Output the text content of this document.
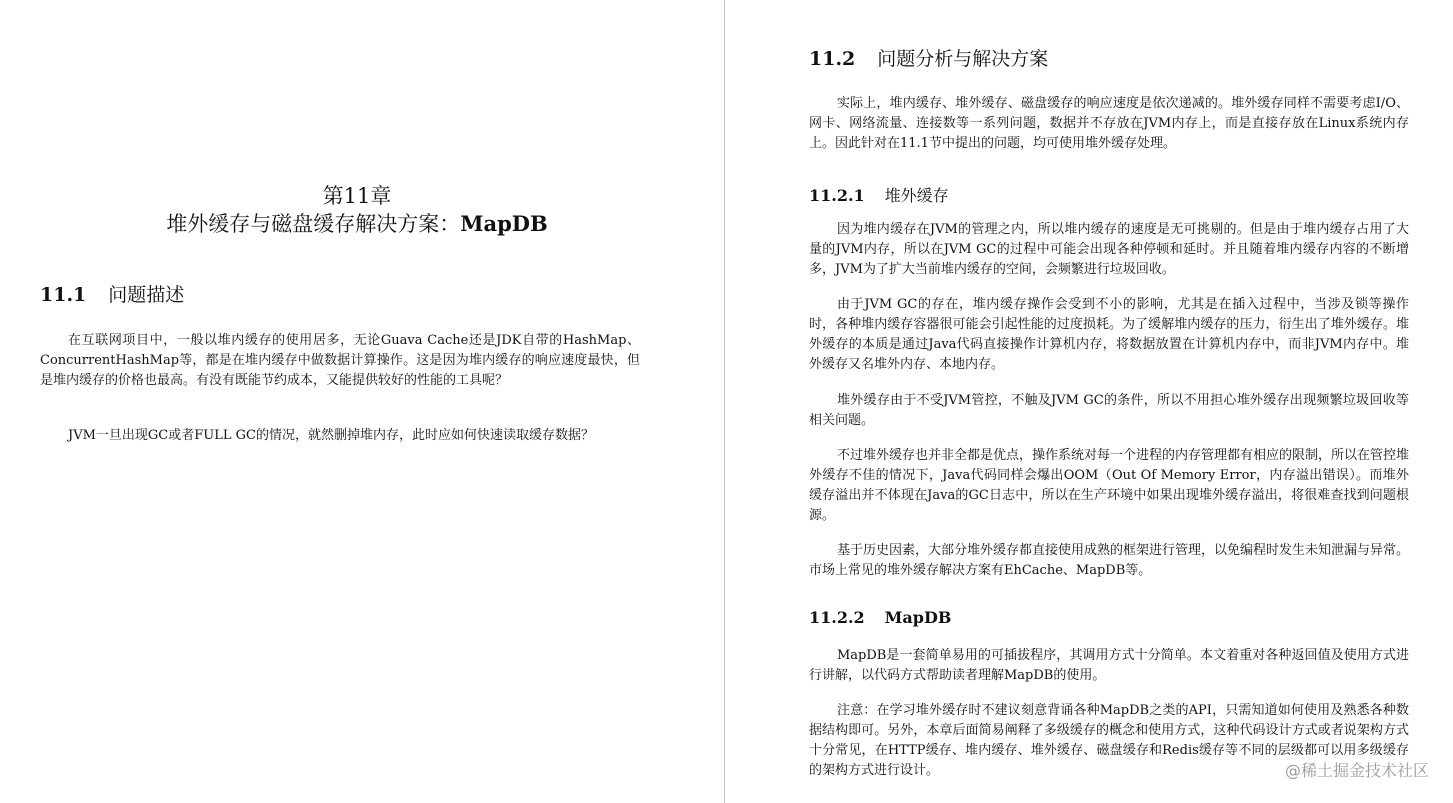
第11章
堆外缓存与磁盘缓存解决方案：MapDB
11.1 问题描述

在互联网项目中，一般以堆内缓存的使用居多，无论Guava Cache还是JDK自带的HashMap、ConcurrentHashMap等，都是在堆内缓存中做数据计算操作。这是因为堆内缓存的响应速度最快，但是堆内缓存的价格也最高。有没有既能节约成本，又能提供较好的性能的工具呢？

JVM一旦出现GC或者FULL GC的情况，就然删掉堆内存，此时应如何快速读取缓存数据？

11.2 问题分析与解决方案

实际上，堆内缓存、堆外缓存、磁盘缓存的响应速度是依次递减的。堆外缓存同样不需要考虑I/O、网卡、网络流量、连接数等一系列问题，数据并不存放在JVM内存上，而是直接存放在Linux系统内存上。因此针对在11.1节中提出的问题，均可使用堆外缓存处理。

11.2.1 堆外缓存

因为堆内缓存在JVM的管理之内，所以堆内缓存的速度是无可挑剔的。但是由于堆内缓存占用了大量的JVM内存，所以在JVM GC的过程中可能会出现各种停顿和延时。并且随着堆内缓存内容的不断增多，JVM为了扩大当前堆内缓存的空间，会频繁进行垃圾回收。

由于JVM GC的存在，堆内缓存操作会受到不小的影响，尤其是在插入过程中，当涉及锁等操作时，各种堆内缓存容器很可能会引起性能的过度损耗。为了缓解堆内缓存的压力，衍生出了堆外缓存。堆外缓存的本质是通过Java代码直接操作计算机内存，将数据放置在计算机内存中，而非JVM内存中。堆外缓存又名堆外内存、本地内存。

堆外缓存由于不受JVM管控，不触及JVM GC的条件，所以不用担心堆外缓存出现频繁垃圾回收等相关问题。

不过堆外缓存也并非全都是优点，操作系统对每一个进程的内存管理都有相应的限制，所以在管控堆外缓存不佳的情况下，Java代码同样会爆出OOM（Out Of Memory Error，内存溢出错误）。而堆外缓存溢出并不体现在Java的GC日志中，所以在生产环境中如果出现堆外缓存溢出，将很难查找到问题根源。

基于历史因素，大部分堆外缓存都直接使用成熟的框架进行管理，以免编程时发生未知泄漏与异常。市场上常见的堆外缓存解决方案有EhCache、MapDB等。

11.2.2 MapDB

MapDB是一套简单易用的可插拔程序，其调用方式十分简单。本文着重对各种返回值及使用方式进行讲解，以代码方式帮助读者理解MapDB的使用。

注意：在学习堆外缓存时不建议刻意背诵各种MapDB之类的API，只需知道如何使用及熟悉各种数据结构即可。另外，本章后面简易阐释了多级缓存的概念和使用方式，这种代码设计方式或者说架构方式十分常见，在HTTP缓存、堆内缓存、堆外缓存、磁盘缓存和Redis缓存等不同的层级都可以用多级缓存的架构方式进行设计。	@稀土掘金技术社区
